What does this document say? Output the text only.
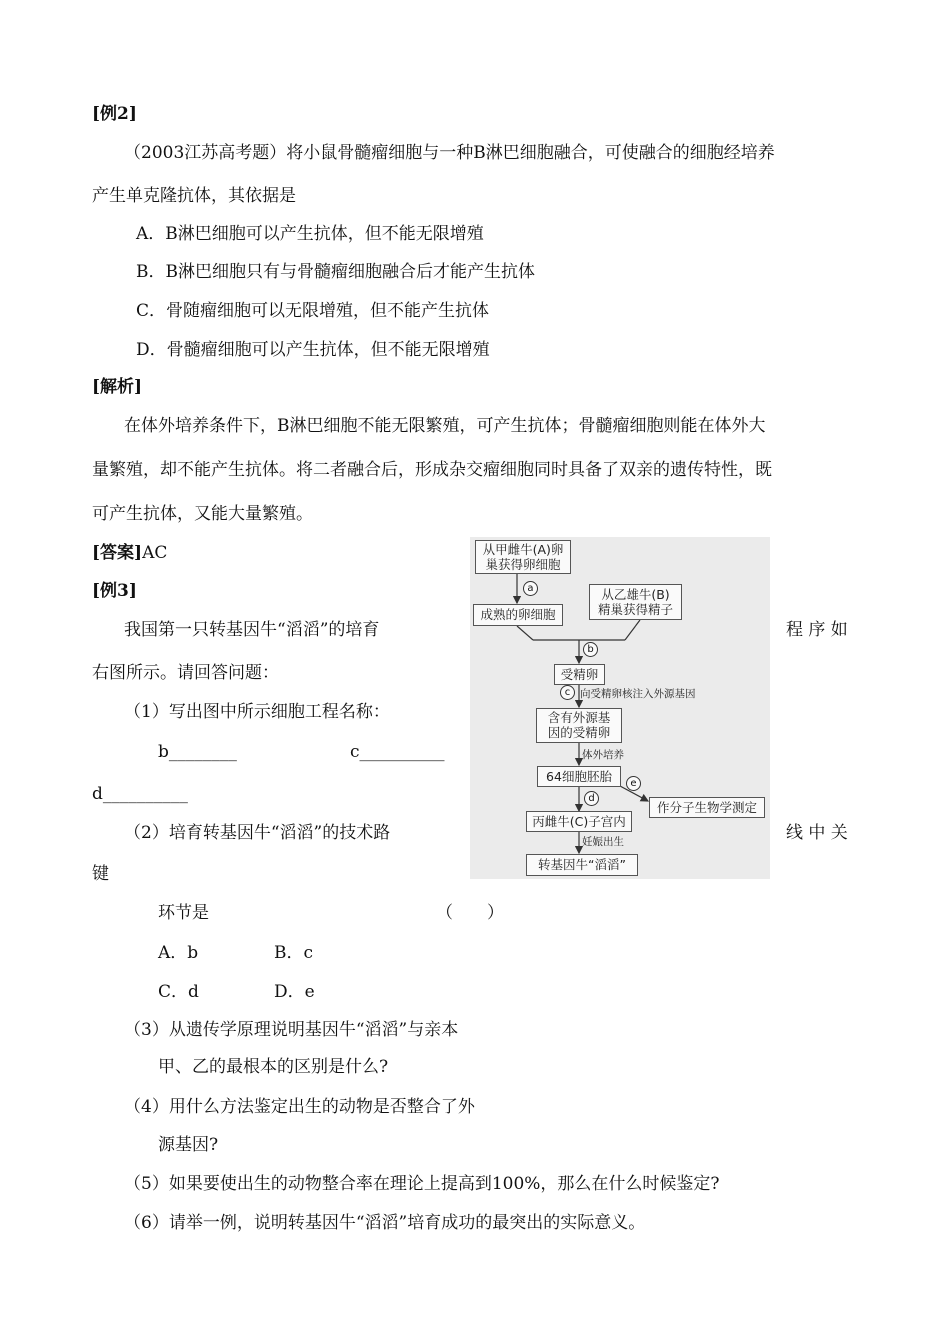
[例2]
（2003江苏高考题）将小鼠骨髓瘤细胞与一种B淋巴细胞融合，可使融合的细胞经培养
产生单克隆抗体，其依据是
A．B淋巴细胞可以产生抗体，但不能无限增殖
B．B淋巴细胞只有与骨髓瘤细胞融合后才能产生抗体
C．骨随瘤细胞可以无限增殖，但不能产生抗体
D．骨髓瘤细胞可以产生抗体，但不能无限增殖
[解析]
在体外培养条件下，B淋巴细胞不能无限繁殖，可产生抗体；骨髓瘤细胞则能在体外大
量繁殖，却不能产生抗体。将二者融合后，形成杂交瘤细胞同时具备了双亲的遗传特性，既
可产生抗体，又能大量繁殖。
[答案]AC
[例3]
我国第一只转基因牛“滔滔”的培育	程 序 如
右图所示。请回答问题：
（1）写出图中所示细胞工程名称：
b________	c__________
d__________
（2）培育转基因牛“滔滔”的技术路	线 中 关
键
环节是	（　　）
A．b	B．c
C．d	D．e
（3）从遗传学原理说明基因牛“滔滔”与亲本
甲、乙的最根本的区别是什么?
（4）用什么方法鉴定出生的动物是否整合了外
源基因?
（5）如果要使出生的动物整合率在理论上提高到100%，那么在什么时候鉴定?
（6）请举一例，说明转基因牛“滔滔”培育成功的最突出的实际意义。
从甲雌牛(A)卵
巢获得卵细胞
a	从乙雄牛(B)
精巢获得精子
成熟的卵细胞
b
受精卵
c 向受精卵核注入外源基因
含有外源基
因的受精卵
体外培养
64细胞胚胎	e
d
作分子生物学测定
丙雌牛(C)子宫内
妊娠出生
转基因牛“滔滔”
